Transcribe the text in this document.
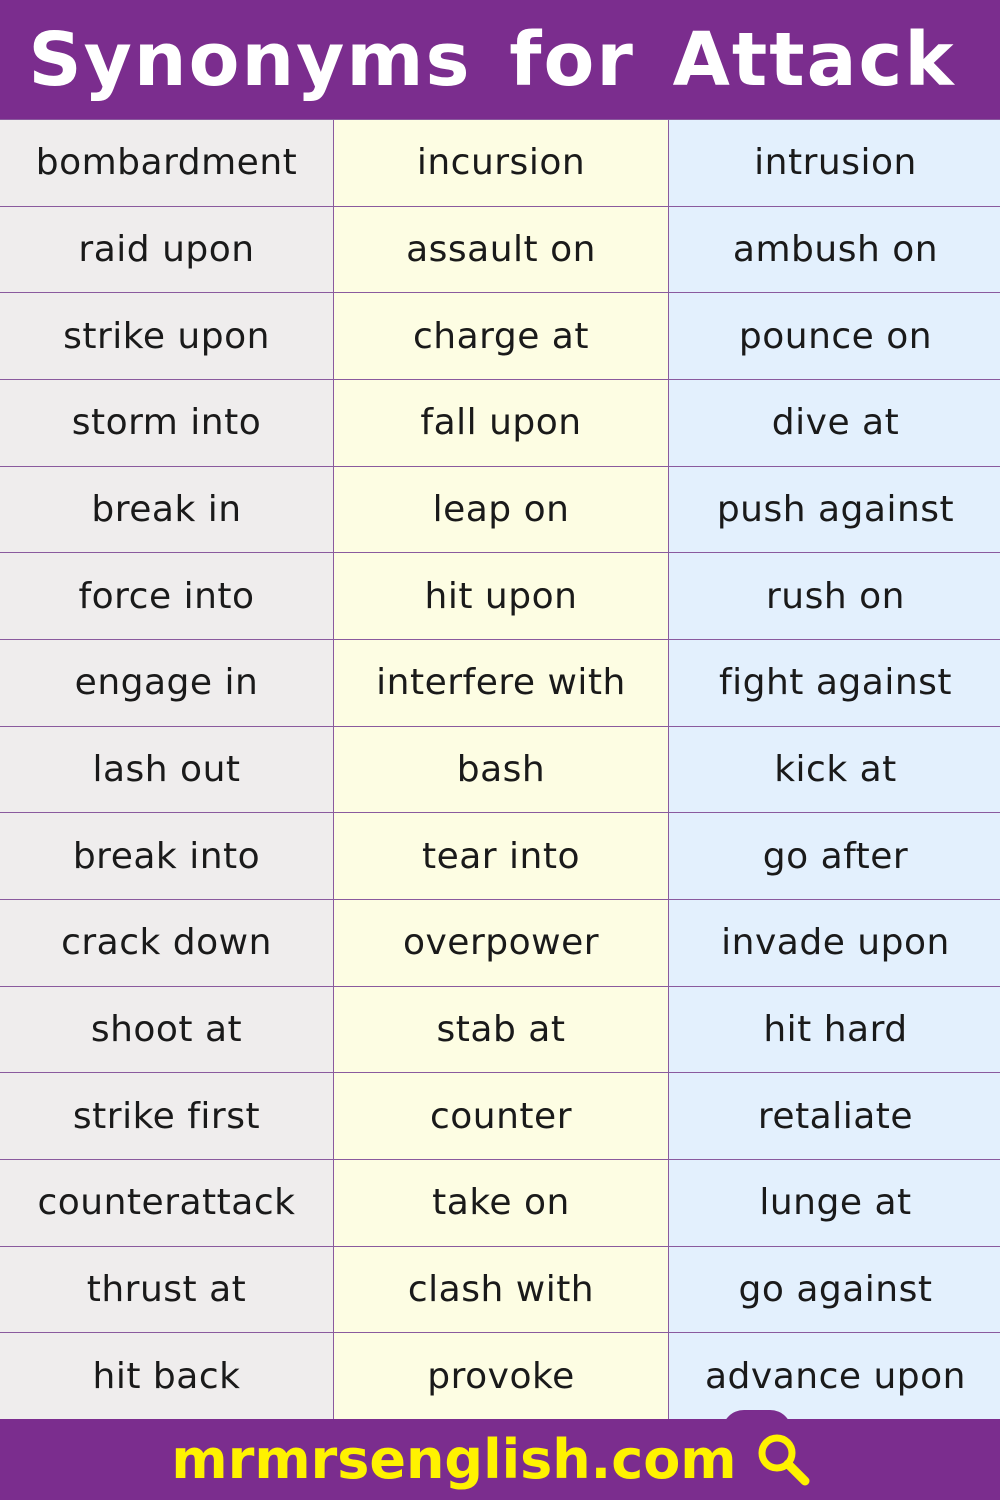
Synonyms for Attack
bombardment	incursion	intrusion
raid upon	assault on	ambush on
strike upon	charge at	pounce on
storm into	fall upon	dive at
break in	leap on	push against
force into	hit upon	rush on
engage in	interfere with	fight against
lash out	bash	kick at
break into	tear into	go after
crack down	overpower	invade upon
shoot at	stab at	hit hard
strike first	counter	retaliate
counterattack	take on	lunge at
thrust at	clash with	go against
hit back	provoke	advance upon
mrmrsenglish.com
